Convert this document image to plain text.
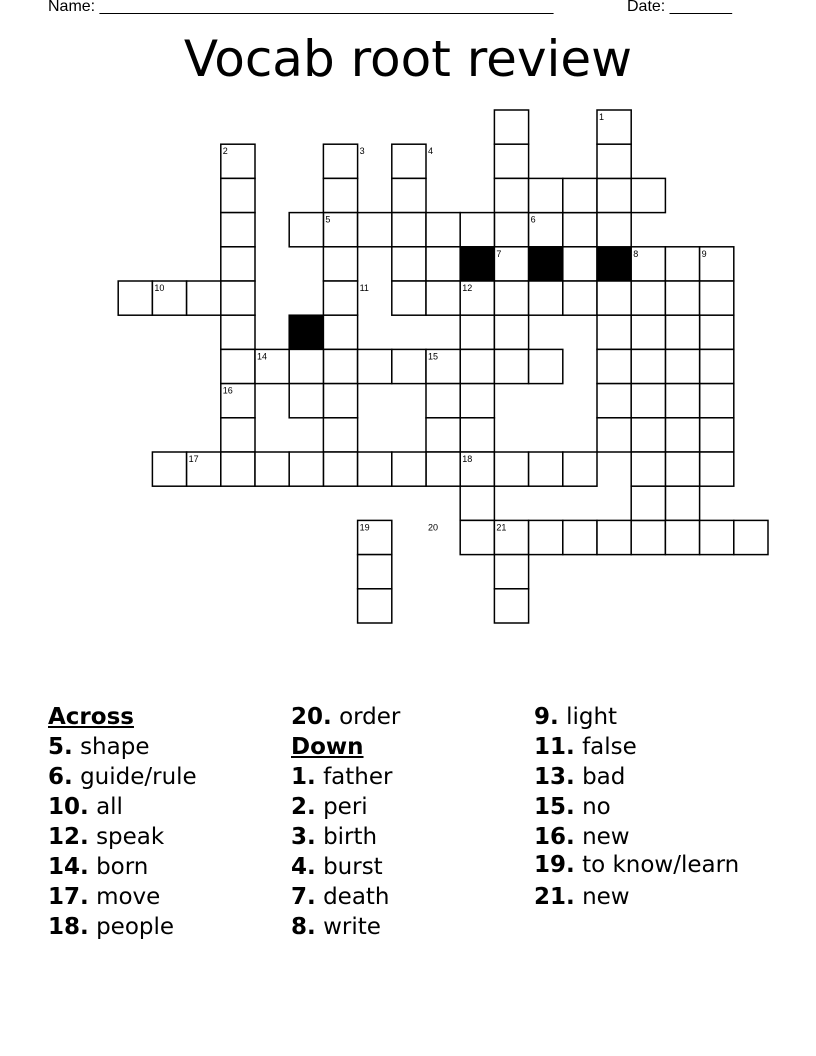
Name: ___________________________________________________	Date: _______
Vocab root review
1
2	3	4
5	6
7	8	9
10	11	12
13
14	15
16
17	18
19	20	21
Across
5. shape
6. guide/rule
10. all
12. speak
14. born
17. move
18. people
20. order
Down
1. father
2. peri
3. birth
4. burst
7. death
8. write
9. light
11. false
13. bad
15. no
16. new
19. to know/learn
21. new
